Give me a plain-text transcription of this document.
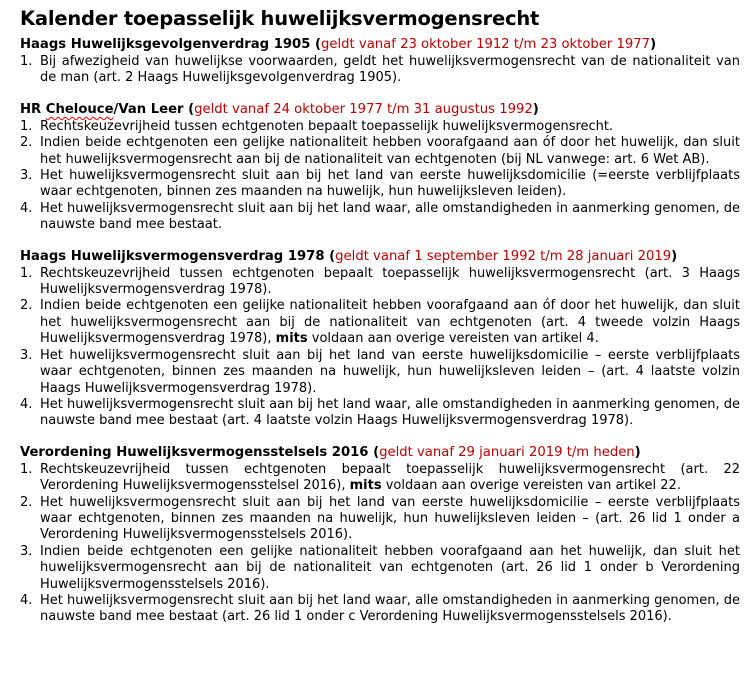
Kalender toepasselijk huwelijksvermogensrecht
Haags Huwelijksgevolgenverdrag 1905 (geldt vanaf 23 oktober 1912 t/m 23 oktober 1977)
1. Bij afwezigheid van huwelijkse voorwaarden, geldt het huwelijksvermogensrecht van de nationaliteit van de man (art. 2 Haags Huwelijksgevolgenverdrag 1905).
HR Chelouce/Van Leer (geldt vanaf 24 oktober 1977 t/m 31 augustus 1992)
1. Rechtskeuzevrijheid tussen echtgenoten bepaalt toepasselijk huwelijksvermogensrecht.
2. Indien beide echtgenoten een gelijke nationaliteit hebben voorafgaand aan óf door het huwelijk, dan sluit het huwelijksvermogensrecht aan bij de nationaliteit van echtgenoten (bij NL vanwege: art. 6 Wet AB).
3. Het huwelijksvermogensrecht sluit aan bij het land van eerste huwelijksdomicilie (=eerste verblijfplaats waar echtgenoten, binnen zes maanden na huwelijk, hun huwelijksleven leiden).
4. Het huwelijksvermogensrecht sluit aan bij het land waar, alle omstandigheden in aanmerking genomen, de nauwste band mee bestaat.
Haags Huwelijksvermogensverdrag 1978 (geldt vanaf 1 september 1992 t/m 28 januari 2019)
1. Rechtskeuzevrijheid tussen echtgenoten bepaalt toepasselijk huwelijksvermogensrecht (art. 3 Haags Huwelijksvermogensverdrag 1978).
2. Indien beide echtgenoten een gelijke nationaliteit hebben voorafgaand aan óf door het huwelijk, dan sluit het huwelijksvermogensrecht aan bij de nationaliteit van echtgenoten (art. 4 tweede volzin Haags Huwelijksvermogensverdrag 1978), mits voldaan aan overige vereisten van artikel 4.
3. Het huwelijksvermogensrecht sluit aan bij het land van eerste huwelijksdomicilie – eerste verblijfplaats waar echtgenoten, binnen zes maanden na huwelijk, hun huwelijksleven leiden – (art. 4 laatste volzin Haags Huwelijksvermogensverdrag 1978).
4. Het huwelijksvermogensrecht sluit aan bij het land waar, alle omstandigheden in aanmerking genomen, de nauwste band mee bestaat (art. 4 laatste volzin Haags Huwelijksvermogensverdrag 1978).
Verordening Huwelijksvermogensstelsels 2016 (geldt vanaf 29 januari 2019 t/m heden)
1. Rechtskeuzevrijheid tussen echtgenoten bepaalt toepasselijk huwelijksvermogensrecht (art. 22 Verordening Huwelijksvermogensstelsel 2016), mits voldaan aan overige vereisten van artikel 22.
2. Het huwelijksvermogensrecht sluit aan bij het land van eerste huwelijksdomicilie – eerste verblijfplaats waar echtgenoten, binnen zes maanden na huwelijk, hun huwelijksleven leiden – (art. 26 lid 1 onder a Verordening Huwelijksvermogensstelsels 2016).
3. Indien beide echtgenoten een gelijke nationaliteit hebben voorafgaand aan het huwelijk, dan sluit het huwelijksvermogensrecht aan bij de nationaliteit van echtgenoten (art. 26 lid 1 onder b Verordening Huwelijksvermogensstelsels 2016).
4. Het huwelijksvermogensrecht sluit aan bij het land waar, alle omstandigheden in aanmerking genomen, de nauwste band mee bestaat (art. 26 lid 1 onder c Verordening Huwelijksvermogensstelsels 2016).
